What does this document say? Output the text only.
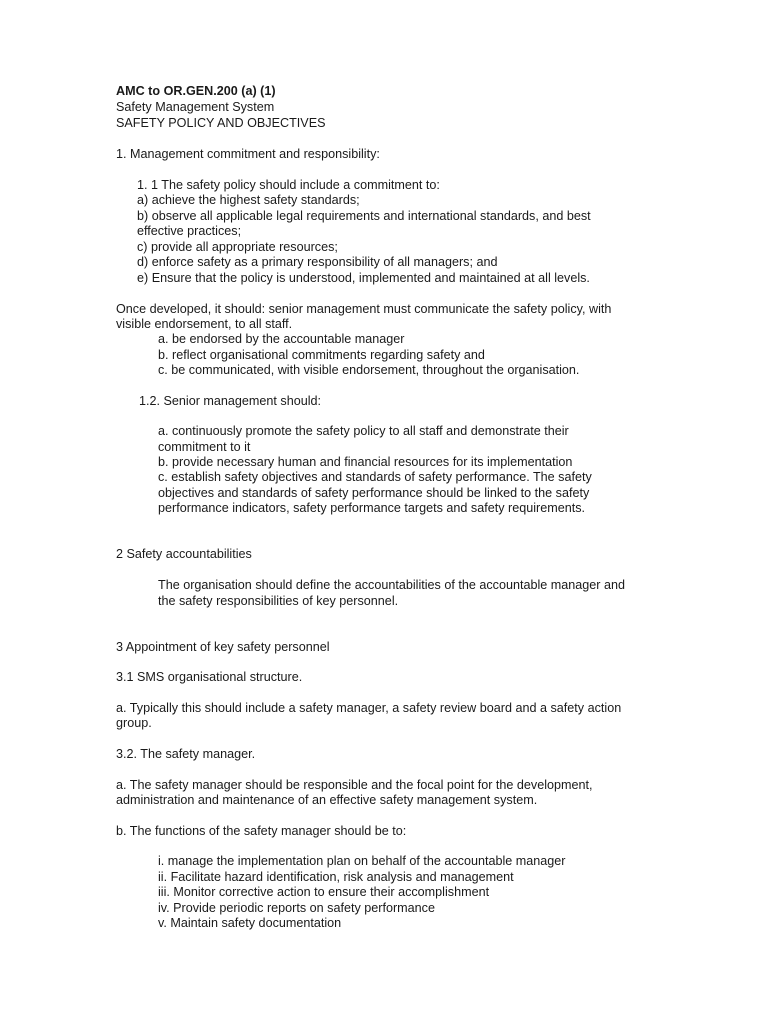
AMC to OR.GEN.200 (a) (1)
Safety Management System
SAFETY POLICY AND OBJECTIVES
1. Management commitment and responsibility:
1. 1 The safety policy should include a commitment to:
a) achieve the highest safety standards;
b) observe all applicable legal requirements and international standards, and best
effective practices;
c) provide all appropriate resources;
d) enforce safety as a primary responsibility of all managers; and
e) Ensure that the policy is understood, implemented and maintained at all levels.
Once developed, it should: senior management must communicate the safety policy, with
visible endorsement, to all staff.
a. be endorsed by the accountable manager
b. reflect organisational commitments regarding safety and
c. be communicated, with visible endorsement, throughout the organisation.
1.2. Senior management should:
a. continuously promote the safety policy to all staff and demonstrate their
commitment to it
b. provide necessary human and financial resources for its implementation
c. establish safety objectives and standards of safety performance. The safety
objectives and standards of safety performance should be linked to the safety
performance indicators, safety performance targets and safety requirements.
2 Safety accountabilities
The organisation should define the accountabilities of the accountable manager and
the safety responsibilities of key personnel.
3 Appointment of key safety personnel
3.1 SMS organisational structure.
a. Typically this should include a safety manager, a safety review board and a safety action
group.
3.2. The safety manager.
a. The safety manager should be responsible and the focal point for the development,
administration and maintenance of an effective safety management system.
b. The functions of the safety manager should be to:
i. manage the implementation plan on behalf of the accountable manager
ii. Facilitate hazard identification, risk analysis and management
iii. Monitor corrective action to ensure their accomplishment
iv. Provide periodic reports on safety performance
v. Maintain safety documentation
